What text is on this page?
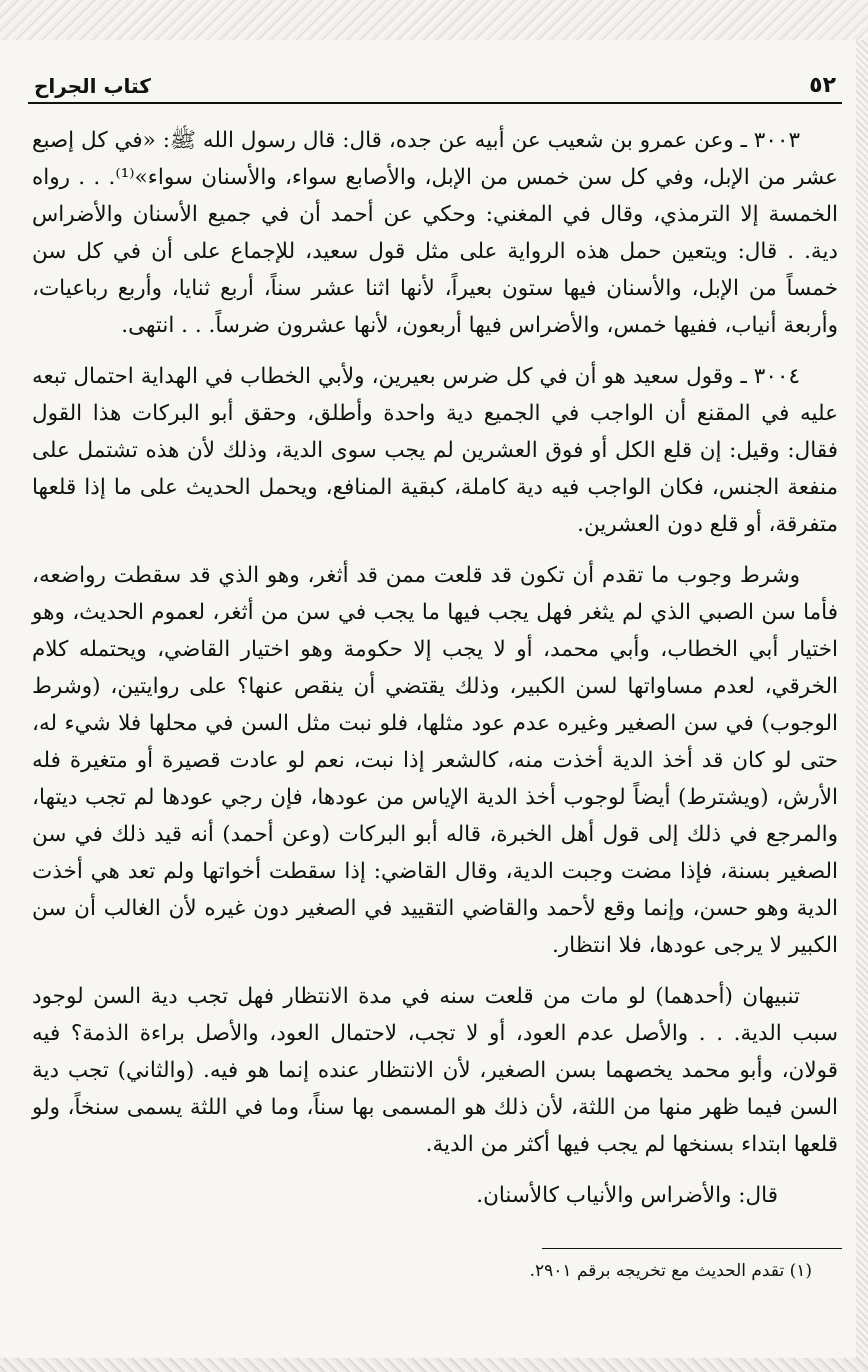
٥٢
كتاب الجراح

٣٠٠٣ ـ وعن عمرو بن شعيب عن أبيه عن جده، قال: قال رسول الله ﷺ: «في كل إصبع عشر من الإبل، وفي كل سن خمس من الإبل، والأصابع سواء، والأسنان سواء»⁽¹⁾. . . رواه الخمسة إلا الترمذي، وقال في المغني: وحكي عن أحمد أن في جميع الأسنان والأضراس دية. . قال: ويتعين حمل هذه الرواية على مثل قول سعيد، للإجماع على أن في كل سن خمساً من الإبل، والأسنان فيها ستون بعيراً، لأنها اثنا عشر سناً، أربع ثنايا، وأربع رباعيات، وأربعة أنياب، ففيها خمس، والأضراس فيها أربعون، لأنها عشرون ضرساً. . . انتهى.

٣٠٠٤ ـ وقول سعيد هو أن في كل ضرس بعيرين، ولأبي الخطاب في الهداية احتمال تبعه عليه في المقنع أن الواجب في الجميع دية واحدة وأطلق، وحقق أبو البركات هذا القول فقال: وقيل: إن قلع الكل أو فوق العشرين لم يجب سوى الدية، وذلك لأن هذه تشتمل على منفعة الجنس، فكان الواجب فيه دية كاملة، كبقية المنافع، ويحمل الحديث على ما إذا قلعها متفرقة، أو قلع دون العشرين.

وشرط وجوب ما تقدم أن تكون قد قلعت ممن قد أثغر، وهو الذي قد سقطت رواضعه، فأما سن الصبي الذي لم يثغر فهل يجب فيها ما يجب في سن من أثغر، لعموم الحديث، وهو اختيار أبي الخطاب، وأبي محمد، أو لا يجب إلا حكومة وهو اختيار القاضي، ويحتمله كلام الخرقي، لعدم مساواتها لسن الكبير، وذلك يقتضي أن ينقص عنها؟ على روايتين، (وشرط الوجوب) في سن الصغير وغيره عدم عود مثلها، فلو نبت مثل السن في محلها فلا شيء له، حتى لو كان قد أخذ الدية أخذت منه، كالشعر إذا نبت، نعم لو عادت قصيرة أو متغيرة فله الأرش، (ويشترط) أيضاً لوجوب أخذ الدية الإياس من عودها، فإن رجي عودها لم تجب ديتها، والمرجع في ذلك إلى قول أهل الخبرة، قاله أبو البركات (وعن أحمد) أنه قيد ذلك في سن الصغير بسنة، فإذا مضت وجبت الدية، وقال القاضي: إذا سقطت أخواتها ولم تعد هي أخذت الدية وهو حسن، وإنما وقع لأحمد والقاضي التقييد في الصغير دون غيره لأن الغالب أن سن الكبير لا يرجى عودها، فلا انتظار.

تنبيهان (أحدهما) لو مات من قلعت سنه في مدة الانتظار فهل تجب دية السن لوجود سبب الدية. . . والأصل عدم العود، أو لا تجب، لاحتمال العود، والأصل براءة الذمة؟ فيه قولان، وأبو محمد يخصهما بسن الصغير، لأن الانتظار عنده إنما هو فيه. (والثاني) تجب دية السن فيما ظهر منها من اللثة، لأن ذلك هو المسمى بها سناً، وما في اللثة يسمى سنخاً، ولو قلعها ابتداء بسنخها لم يجب فيها أكثر من الدية.

قال: والأضراس والأنياب كالأسنان.

(١) تقدم الحديث مع تخريجه برقم ٢٩٠١.
